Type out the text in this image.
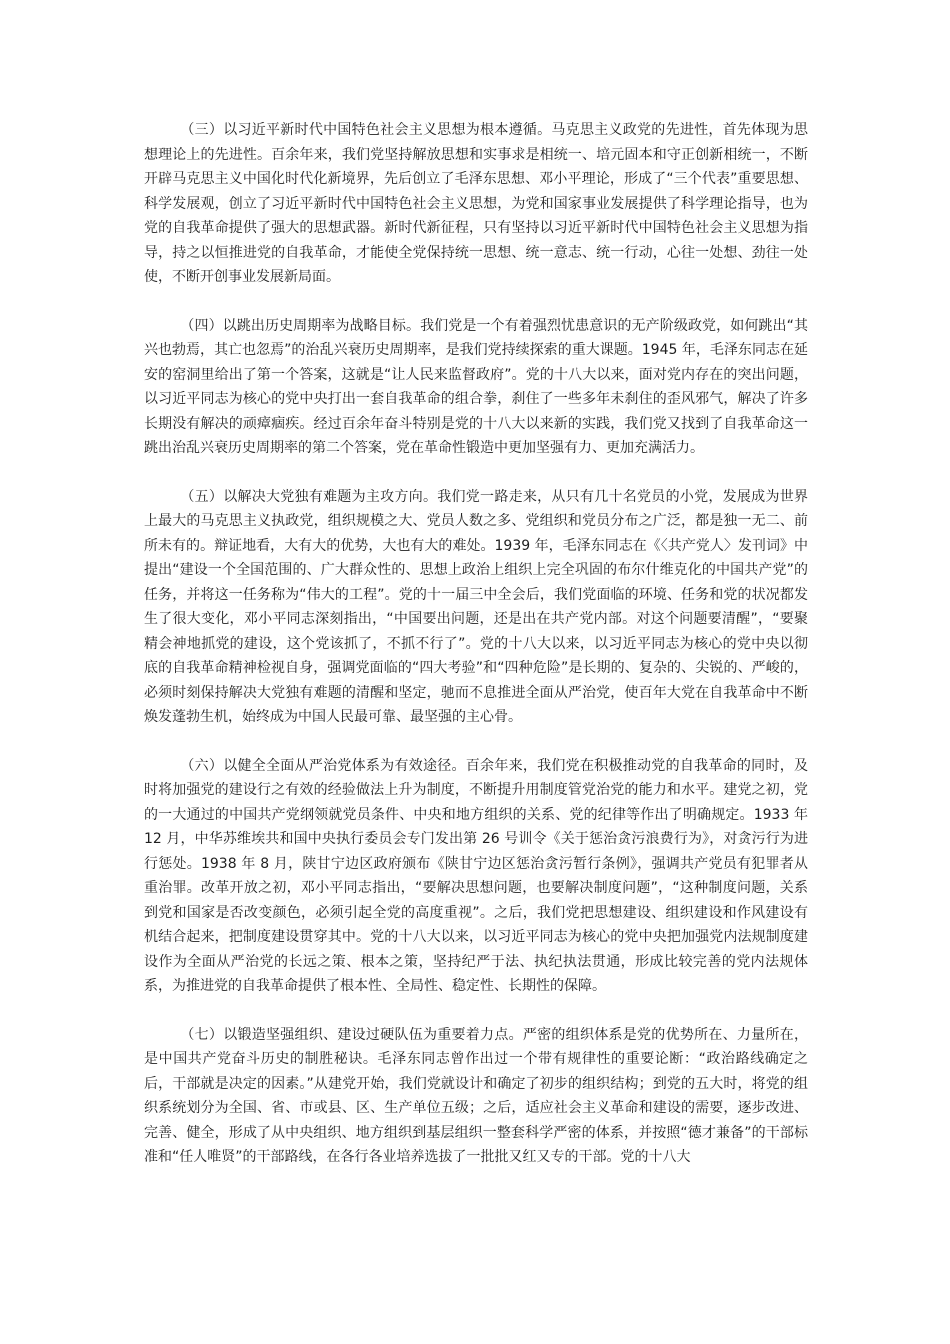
（三）以习近平新时代中国特色社会主义思想为根本遵循。马克思主义政党的先进性，首先体现为思想理论上的先进性。百余年来，我们党坚持解放思想和实事求是相统一、培元固本和守正创新相统一，不断开辟马克思主义中国化时代化新境界，先后创立了毛泽东思想、邓小平理论，形成了“三个代表”重要思想、科学发展观，创立了习近平新时代中国特色社会主义思想，为党和国家事业发展提供了科学理论指导，也为党的自我革命提供了强大的思想武器。新时代新征程，只有坚持以习近平新时代中国特色社会主义思想为指导，持之以恒推进党的自我革命，才能使全党保持统一思想、统一意志、统一行动，心往一处想、劲往一处使，不断开创事业发展新局面。

（四）以跳出历史周期率为战略目标。我们党是一个有着强烈忧患意识的无产阶级政党，如何跳出“其兴也勃焉，其亡也忽焉”的治乱兴衰历史周期率，是我们党持续探索的重大课题。1945 年，毛泽东同志在延安的窑洞里给出了第一个答案，这就是“让人民来监督政府”。党的十八大以来，面对党内存在的突出问题，以习近平同志为核心的党中央打出一套自我革命的组合拳，刹住了一些多年未刹住的歪风邪气，解决了许多长期没有解决的顽瘴痼疾。经过百余年奋斗特别是党的十八大以来新的实践，我们党又找到了自我革命这一跳出治乱兴衰历史周期率的第二个答案，党在革命性锻造中更加坚强有力、更加充满活力。

（五）以解决大党独有难题为主攻方向。我们党一路走来，从只有几十名党员的小党，发展成为世界上最大的马克思主义执政党，组织规模之大、党员人数之多、党组织和党员分布之广泛，都是独一无二、前所未有的。辩证地看，大有大的优势，大也有大的难处。1939 年，毛泽东同志在《〈共产党人〉发刊词》中提出“建设一个全国范围的、广大群众性的、思想上政治上组织上完全巩固的布尔什维克化的中国共产党”的任务，并将这一任务称为“伟大的工程”。党的十一届三中全会后，我们党面临的环境、任务和党的状况都发生了很大变化，邓小平同志深刻指出，“中国要出问题，还是出在共产党内部。对这个问题要清醒”，“要聚精会神地抓党的建设，这个党该抓了，不抓不行了”。党的十八大以来，以习近平同志为核心的党中央以彻底的自我革命精神检视自身，强调党面临的“四大考验”和“四种危险”是长期的、复杂的、尖锐的、严峻的，必须时刻保持解决大党独有难题的清醒和坚定，驰而不息推进全面从严治党，使百年大党在自我革命中不断焕发蓬勃生机，始终成为中国人民最可靠、最坚强的主心骨。

（六）以健全全面从严治党体系为有效途径。百余年来，我们党在积极推动党的自我革命的同时，及时将加强党的建设行之有效的经验做法上升为制度，不断提升用制度管党治党的能力和水平。建党之初，党的一大通过的中国共产党纲领就党员条件、中央和地方组织的关系、党的纪律等作出了明确规定。1933 年 12 月，中华苏维埃共和国中央执行委员会专门发出第 26 号训令《关于惩治贪污浪费行为》，对贪污行为进行惩处。1938 年 8 月，陕甘宁边区政府颁布《陕甘宁边区惩治贪污暂行条例》，强调共产党员有犯罪者从重治罪。改革开放之初，邓小平同志指出，“要解决思想问题，也要解决制度问题”，“这种制度问题，关系到党和国家是否改变颜色，必须引起全党的高度重视”。之后，我们党把思想建设、组织建设和作风建设有机结合起来，把制度建设贯穿其中。党的十八大以来，以习近平同志为核心的党中央把加强党内法规制度建设作为全面从严治党的长远之策、根本之策，坚持纪严于法、执纪执法贯通，形成比较完善的党内法规体系，为推进党的自我革命提供了根本性、全局性、稳定性、长期性的保障。

（七）以锻造坚强组织、建设过硬队伍为重要着力点。严密的组织体系是党的优势所在、力量所在，是中国共产党奋斗历史的制胜秘诀。毛泽东同志曾作出过一个带有规律性的重要论断：“政治路线确定之后，干部就是决定的因素。”从建党开始，我们党就设计和确定了初步的组织结构；到党的五大时，将党的组织系统划分为全国、省、市或县、区、生产单位五级；之后，适应社会主义革命和建设的需要，逐步改进、完善、健全，形成了从中央组织、地方组织到基层组织一整套科学严密的体系，并按照“德才兼备”的干部标准和“任人唯贤”的干部路线，在各行各业培养选拔了一批批又红又专的干部。党的十八大
